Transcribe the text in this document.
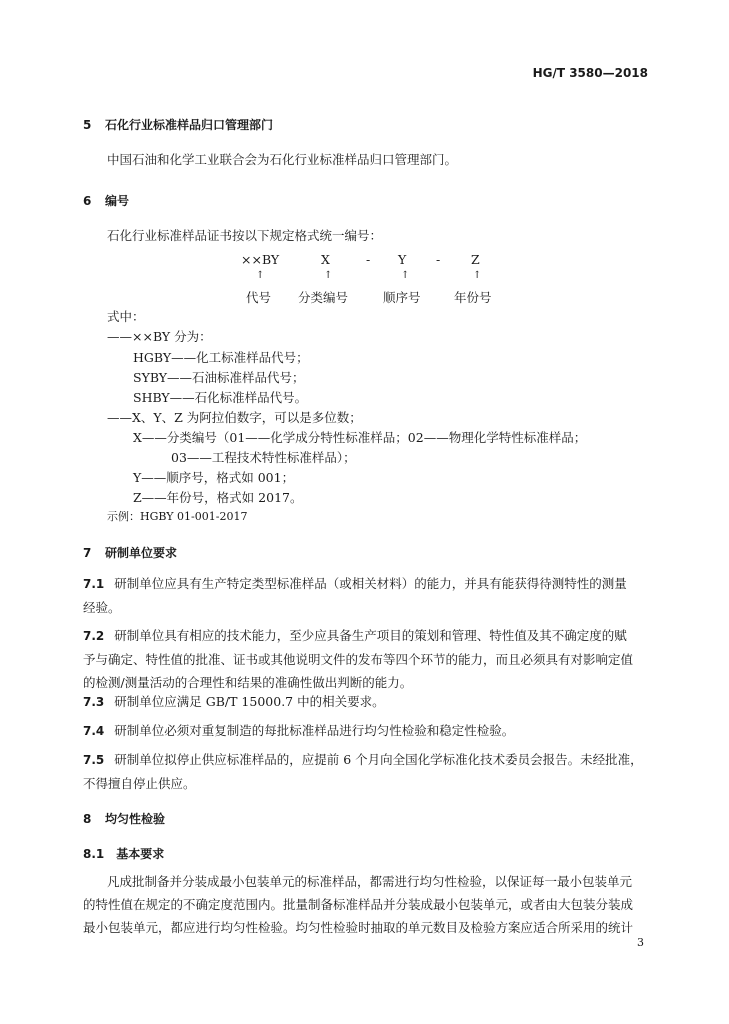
HG/T 3580—2018
5 石化行业标准样品归口管理部门
中国石油和化学工业联合会为石化行业标准样品归口管理部门。
6 编号
石化行业标准样品证书按以下规定格式统一编号：
××BY	X	- Y - Z
↑	↑	↑	↑
代号 分类编号	顺序号	年份号
式中：
——××BY 分为：
HGBY——化工标准样品代号；
SYBY——石油标准样品代号；
SHBY——石化标准样品代号。
——X、Y、Z 为阿拉伯数字，可以是多位数；
X——分类编号（01——化学成分特性标准样品；02——物理化学特性标准样品；
03——工程技术特性标准样品）；
Y——顺序号，格式如 001；
Z——年份号，格式如 2017。
示例：HGBY 01-001-2017
7 研制单位要求
7.1 研制单位应具有生产特定类型标准样品（或相关材料）的能力，并具有能获得待测特性的测量
经验。
7.2 研制单位具有相应的技术能力，至少应具备生产项目的策划和管理、特性值及其不确定度的赋
予与确定、特性值的批准、证书或其他说明文件的发布等四个环节的能力，而且必须具有对影响定值
的检测/测量活动的合理性和结果的准确性做出判断的能力。
7.3 研制单位应满足 GB/T 15000.7 中的相关要求。
7.4 研制单位必须对重复制造的每批标准样品进行均匀性检验和稳定性检验。
7.5 研制单位拟停止供应标准样品的，应提前 6 个月向全国化学标准化技术委员会报告。未经批准，
不得擅自停止供应。
8 均匀性检验
8.1 基本要求
凡成批制备并分装成最小包装单元的标准样品，都需进行均匀性检验，以保证每一最小包装单元
的特性值在规定的不确定度范围内。批量制备标准样品并分装成最小包装单元，或者由大包装分装成
最小包装单元，都应进行均匀性检验。均匀性检验时抽取的单元数目及检验方案应适合所采用的统计
3
